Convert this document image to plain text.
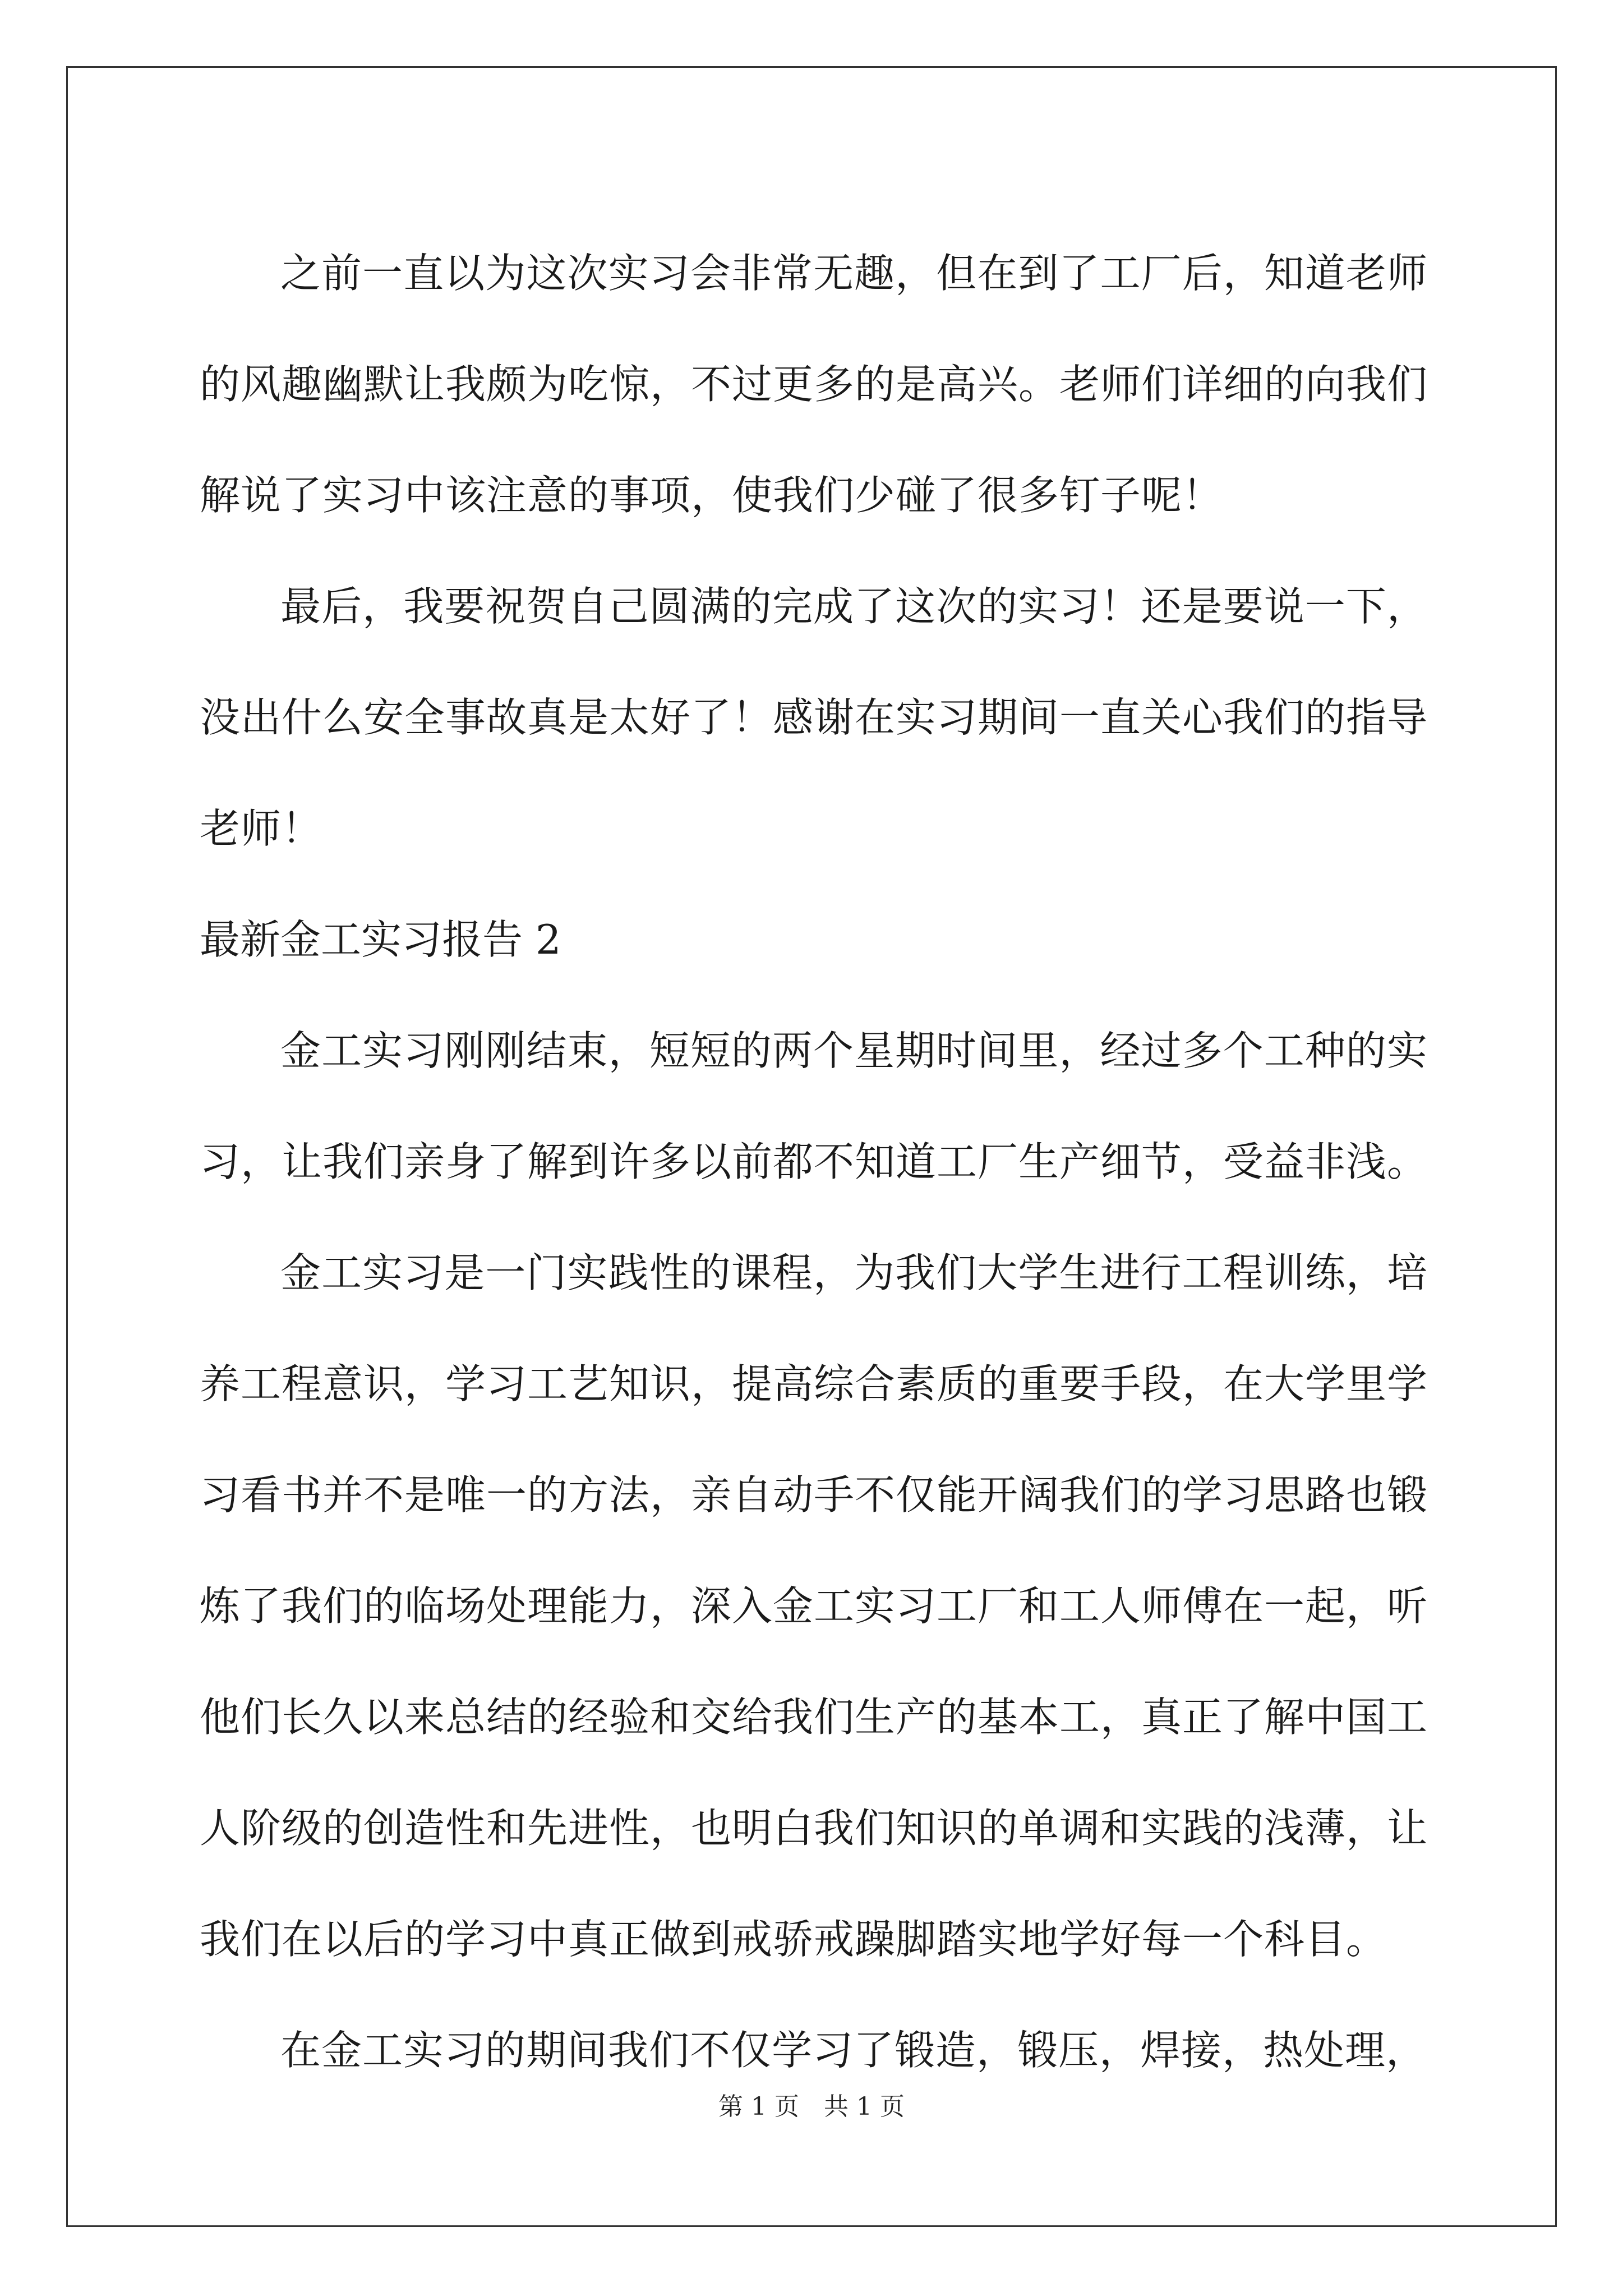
之前一直以为这次实习会非常无趣，但在到了工厂后，知道老师的风趣幽默让我颇为吃惊，不过更多的是高兴。老师们详细的向我们解说了实习中该注意的事项，使我们少碰了很多钉子呢！

最后，我要祝贺自己圆满的完成了这次的实习！还是要说一下，没出什么安全事故真是太好了！感谢在实习期间一直关心我们的指导老师！

最新金工实习报告 2

金工实习刚刚结束，短短的两个星期时间里，经过多个工种的实习，让我们亲身了解到许多以前都不知道工厂生产细节，受益非浅。

金工实习是一门实践性的课程，为我们大学生进行工程训练，培养工程意识，学习工艺知识，提高综合素质的重要手段，在大学里学习看书并不是唯一的方法，亲自动手不仅能开阔我们的学习思路也锻炼了我们的临场处理能力，深入金工实习工厂和工人师傅在一起，听他们长久以来总结的经验和交给我们生产的基本工，真正了解中国工人阶级的创造性和先进性，也明白我们知识的单调和实践的浅薄，让我们在以后的学习中真正做到戒骄戒躁脚踏实地学好每一个科目。

在金工实习的期间我们不仅学习了锻造，锻压，焊接，热处理，

第 1 页　共 1 页
